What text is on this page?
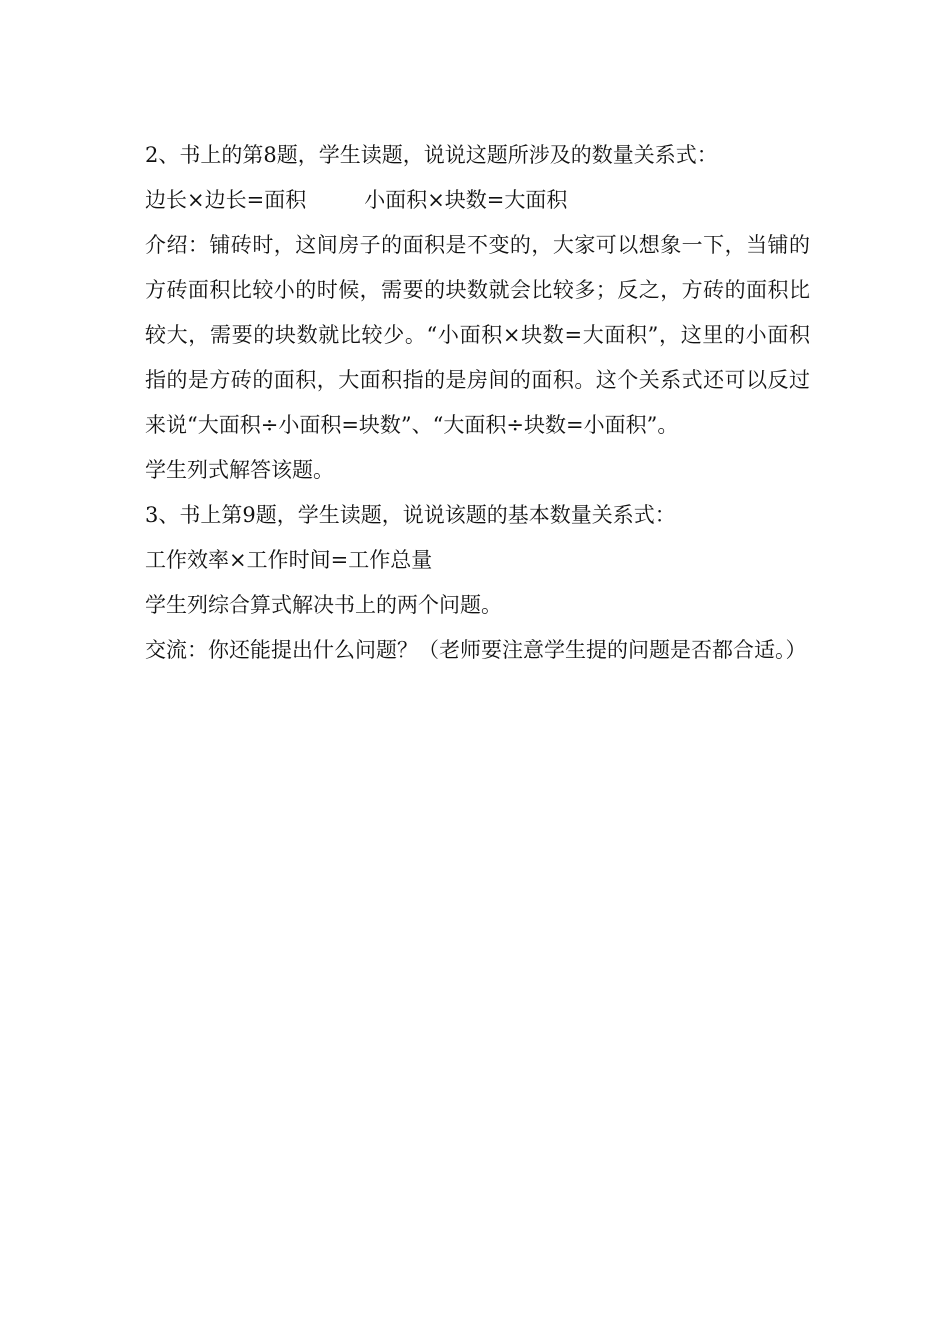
2、书上的第8题，学生读题，说说这题所涉及的数量关系式：

边长×边长=面积	小面积×块数=大面积

介绍：铺砖时，这间房子的面积是不变的，大家可以想象一下，当铺的方砖面积比较小的时候，需要的块数就会比较多；反之，方砖的面积比较大，需要的块数就比较少。“小面积×块数=大面积”，这里的小面积指的是方砖的面积，大面积指的是房间的面积。这个关系式还可以反过来说“大面积÷小面积=块数”、“大面积÷块数=小面积”。

学生列式解答该题。

3、书上第9题，学生读题，说说该题的基本数量关系式：

工作效率×工作时间=工作总量

学生列综合算式解决书上的两个问题。

交流：你还能提出什么问题？（老师要注意学生提的问题是否都合适。）
